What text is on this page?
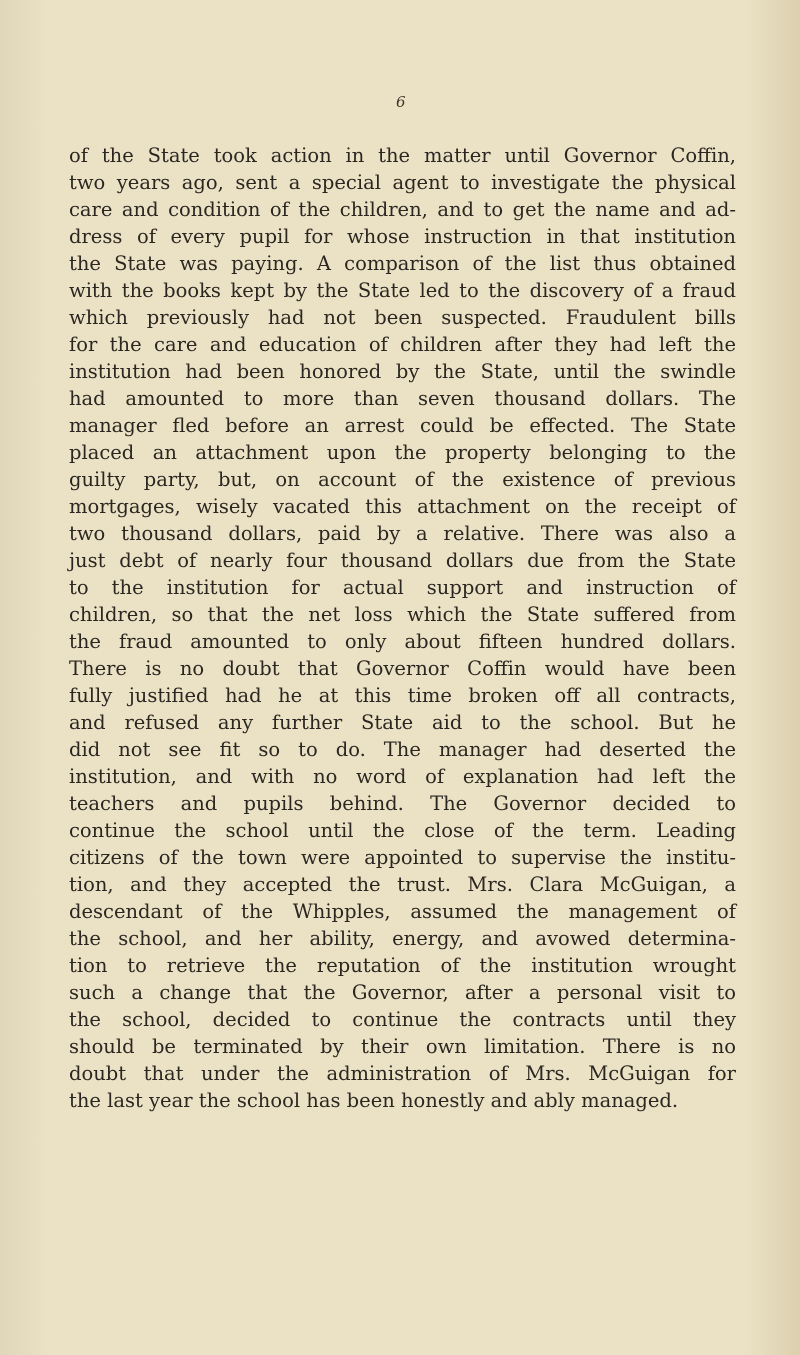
6
of the State took action in the matter until Governor Coffin,
two years ago, sent a special agent to investigate the physical
care and condition of the children, and to get the name and ad-
dress of every pupil for whose instruction in that institution
the State was paying. A comparison of the list thus obtained
with the books kept by the State led to the discovery of a fraud
which previously had not been suspected. Fraudulent bills
for the care and education of children after they had left the
institution had been honored by the State, until the swindle
had amounted to more than seven thousand dollars. The
manager fled before an arrest could be effected. The State
placed an attachment upon the property belonging to the
guilty party, but, on account of the existence of previous
mortgages, wisely vacated this attachment on the receipt of
two thousand dollars, paid by a relative. There was also a
just debt of nearly four thousand dollars due from the State
to the institution for actual support and instruction of
children, so that the net loss which the State suffered from
the fraud amounted to only about fifteen hundred dollars.
There is no doubt that Governor Coffin would have been
fully justified had he at this time broken off all contracts,
and refused any further State aid to the school. But he
did not see fit so to do. The manager had deserted the
institution, and with no word of explanation had left the
teachers and pupils behind. The Governor decided to
continue the school until the close of the term. Leading
citizens of the town were appointed to supervise the institu-
tion, and they accepted the trust. Mrs. Clara McGuigan, a
descendant of the Whipples, assumed the management of
the school, and her ability, energy, and avowed determina-
tion to retrieve the reputation of the institution wrought
such a change that the Governor, after a personal visit to
the school, decided to continue the contracts until they
should be terminated by their own limitation. There is no
doubt that under the administration of Mrs. McGuigan for
the last year the school has been honestly and ably managed.
